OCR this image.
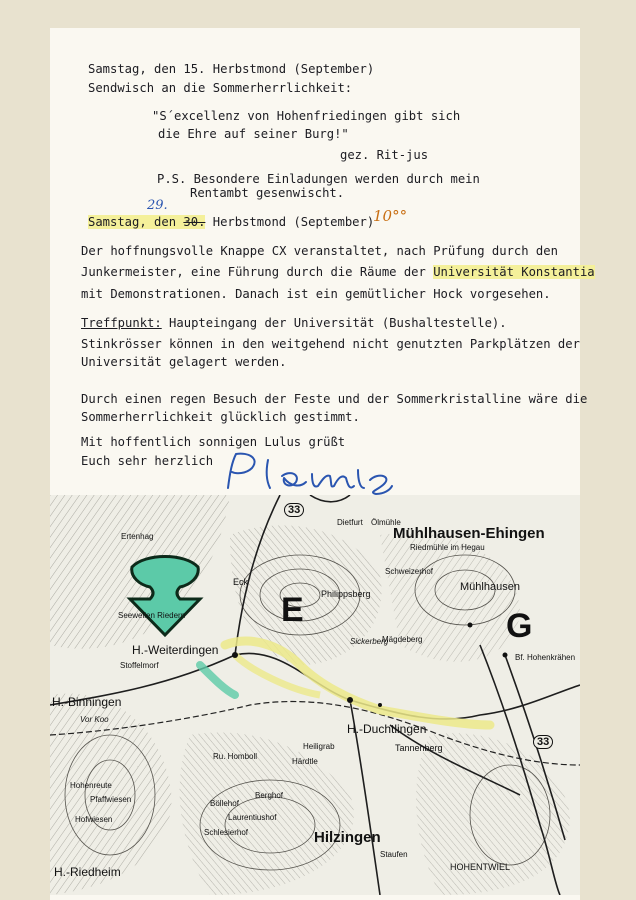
Samstag, den 15. Herbstmond (September)
Sendwisch an die Sommerherrlichkeit:
"S´excellenz von Hohenfriedingen gibt sich
die Ehre auf seiner Burg!"
gez. Rit-jus
P.S. Besondere Einladungen werden durch mein
Rentambt gesenwischt.
29.
Samstag, den 30. Herbstmond (September)
10°°
Der hoffnungsvolle Knappe CX veranstaltet, nach Prüfung durch den
Junkermeister, eine Führung durch die Räume der Universität Konstantia
mit Demonstrationen. Danach ist ein gemütlicher Hock vorgesehen.
Treffpunkt: Haupteingang der Universität (Bushaltestelle).
Stinkrösser können in den weitgehend nicht genutzten Parkplätzen der
Universität gelagert werden.
Durch einen regen Besuch der Feste und der Sommerkristalline wäre die
Sommerherrlichkeit glücklich gestimmt.
Mit hoffentlich sonnigen Lulus grüßt
Euch sehr herzlich
Mühlhausen-Ehingen
Riedmühle im Hegau
Mühlhausen
Dietfurt Ölmühle
E	G
Philippsberg
Schweizerhof
Sickerberg
Mägdeberg
Ertenhag
Eck
Seewellen Riedern
H.-Weiterdingen
Stoffelmorf
H.-Binningen
Vor Koo
H.-Duchtlingen
Tannenberg
Heiligrab
Härdtle
Ru. Homboll
Hohenreute
Pfaffwiesen
Hofwiesen
Böllehof
Laurentiushof
Schlesierhof
Berghof
Hilzingen
Staufen
HOHENTWIEL
H.-Riedheim
Bf. Hohenkrähen
33
33
